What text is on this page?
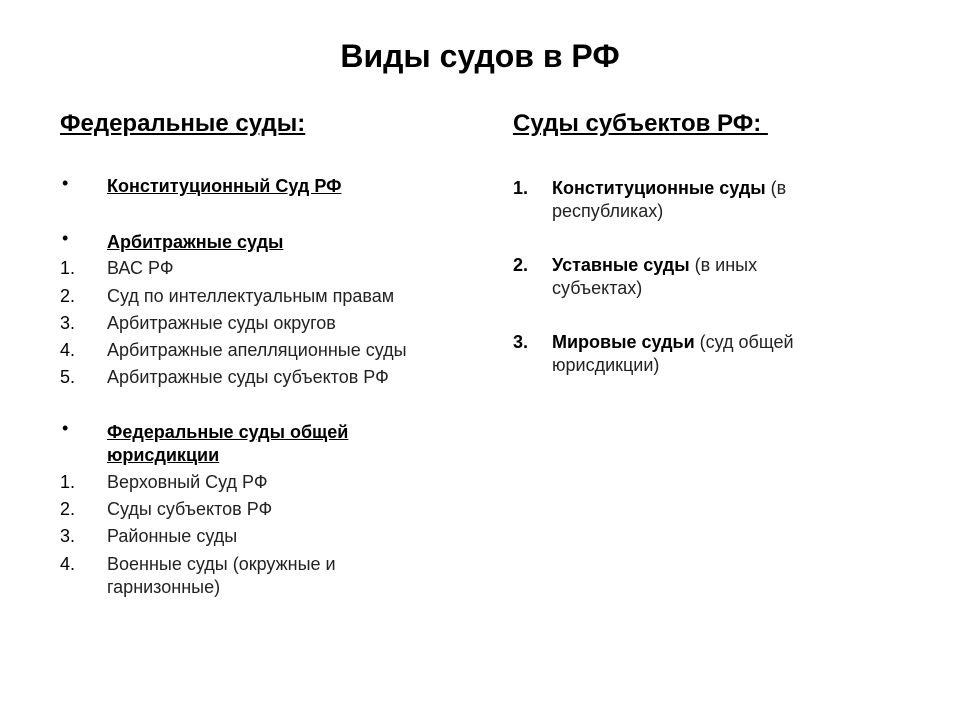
Виды судов в РФ
Федеральные суды:
• Конституционный Суд РФ
• Арбитражные суды
1. ВАС РФ
2. Суд по интеллектуальным правам
3. Арбитражные суды округов
4. Арбитражные апелляционные суды
5. Арбитражные суды субъектов РФ
• Федеральные суды общей
юрисдикции
1. Верховный Суд РФ
2. Суды субъектов РФ
3. Районные суды
4. Военные суды (окружные и
гарнизонные)
Суды субъектов РФ:
1. Конституционные суды (в
республиках)
2. Уставные суды (в иных
субъектах)
3. Мировые судьи (суд общей
юрисдикции)
